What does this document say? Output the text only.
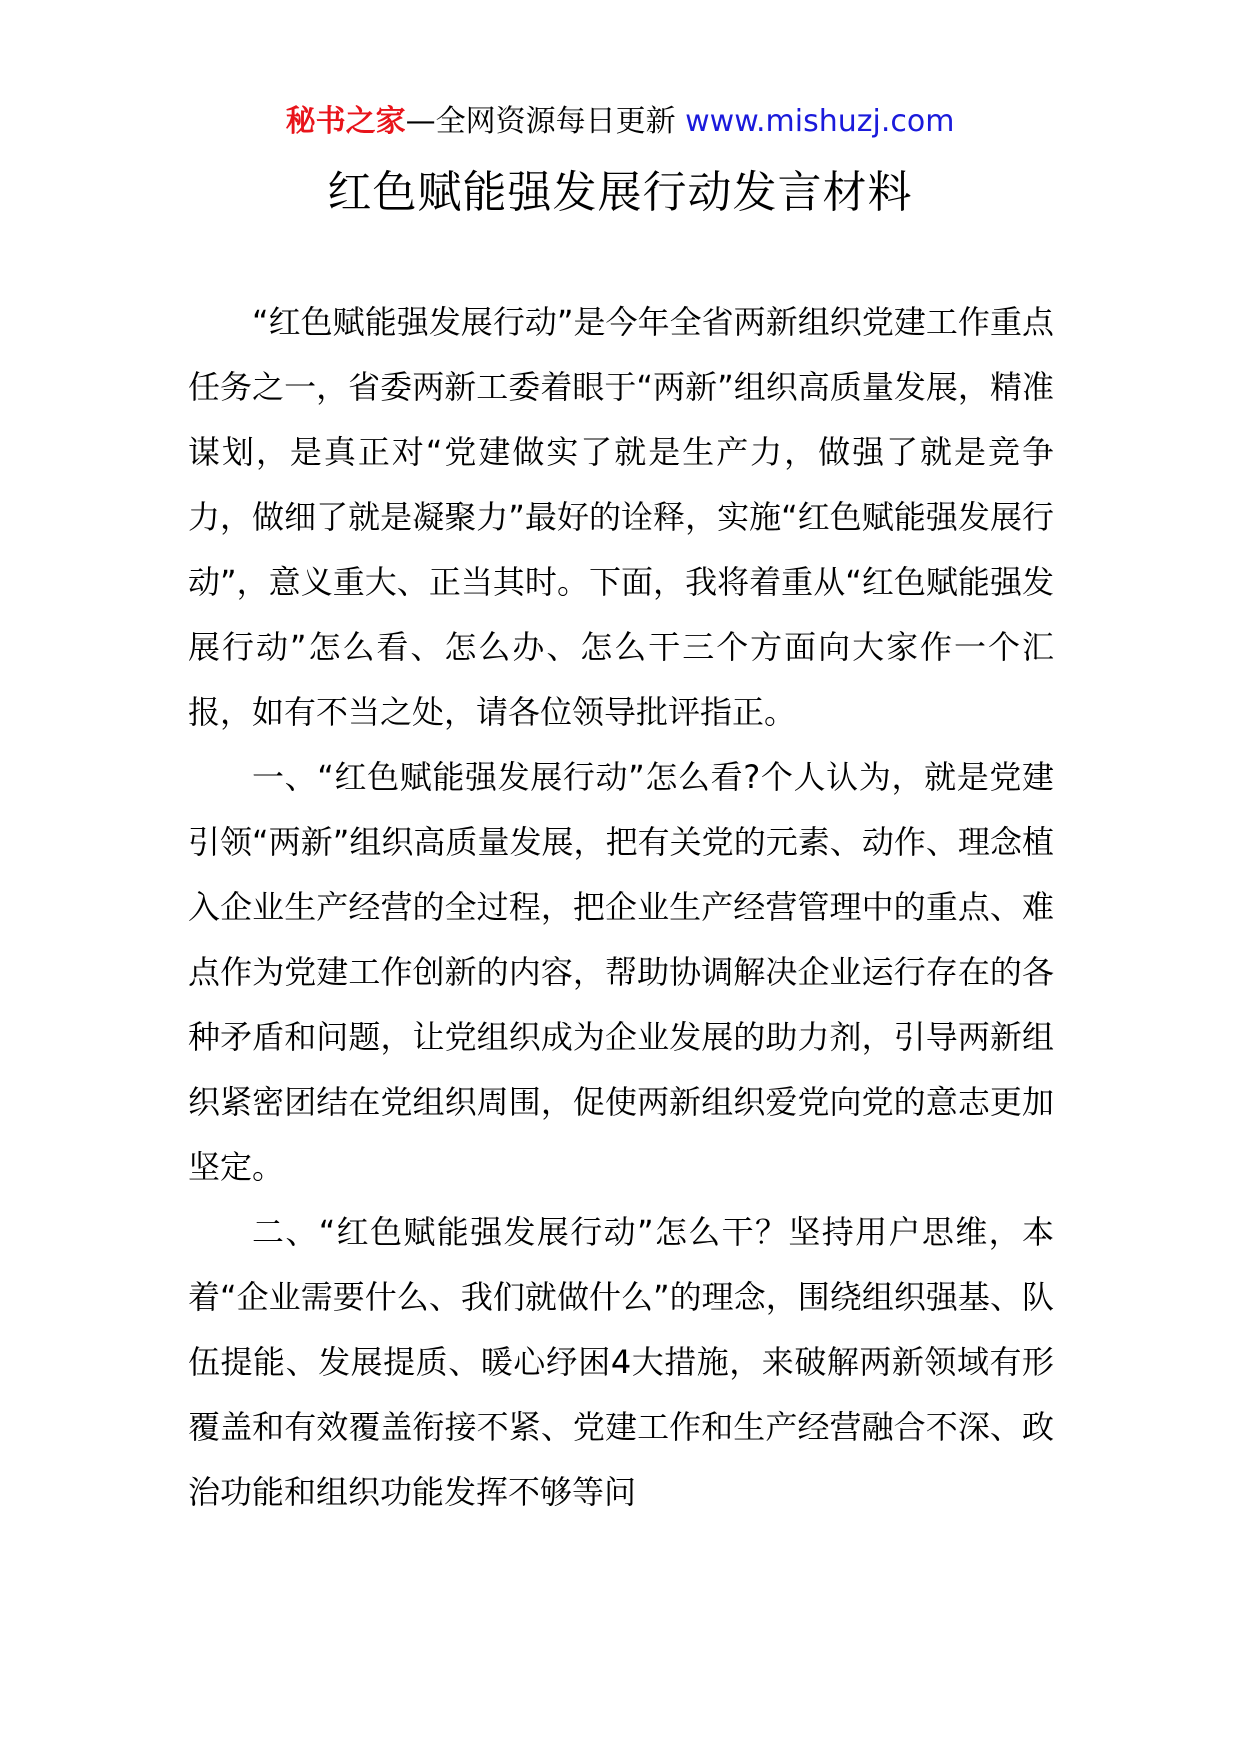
秘书之家—全网资源每日更新 www.mishuzj.com
红色赋能强发展行动发言材料

“红色赋能强发展行动”是今年全省两新组织党建工作重点任务之一，省委两新工委着眼于“两新”组织高质量发展，精准谋划，是真正对“党建做实了就是生产力，做强了就是竞争力，做细了就是凝聚力”最好的诠释，实施“红色赋能强发展行动”，意义重大、正当其时。下面，我将着重从“红色赋能强发展行动”怎么看、怎么办、怎么干三个方面向大家作一个汇报，如有不当之处，请各位领导批评指正。

一、“红色赋能强发展行动”怎么看?个人认为，就是党建引领“两新”组织高质量发展，把有关党的元素、动作、理念植入企业生产经营的全过程，把企业生产经营管理中的重点、难点作为党建工作创新的内容，帮助协调解决企业运行存在的各种矛盾和问题，让党组织成为企业发展的助力剂，引导两新组织紧密团结在党组织周围，促使两新组织爱党向党的意志更加坚定。

二、“红色赋能强发展行动”怎么干？坚持用户思维，本着“企业需要什么、我们就做什么”的理念，围绕组织强基、队伍提能、发展提质、暖心纾困4大措施，来破解两新领域有形覆盖和有效覆盖衔接不紧、党建工作和生产经营融合不深、政治功能和组织功能发挥不够等问
